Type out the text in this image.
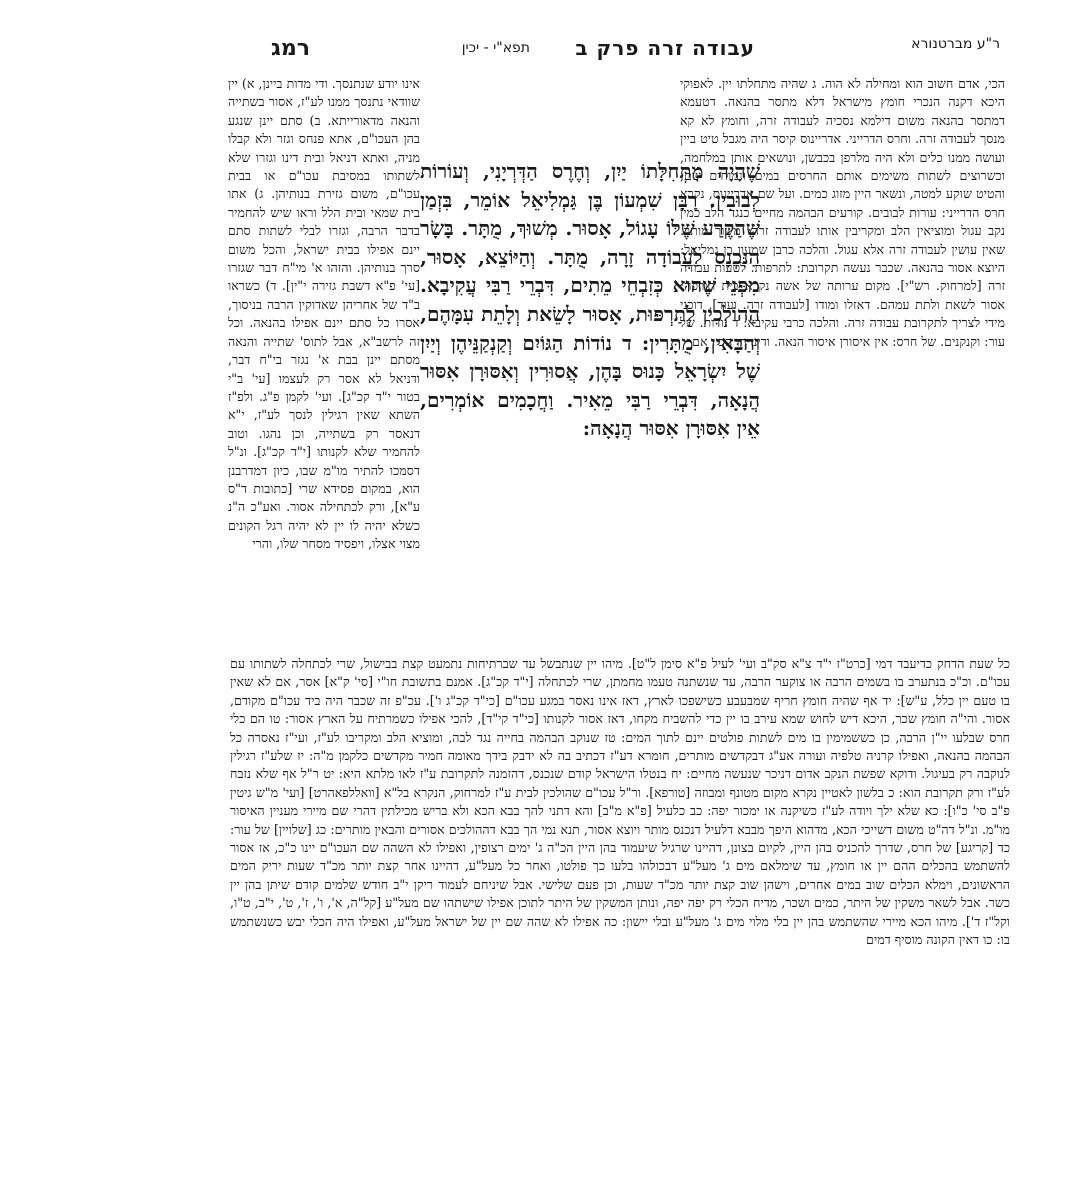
ר"ע מברטנורא
עבודה זרה פרק ב
תפא"י - יכין
רמג
הכי, אדם חשוב הוא ומחילה לא הוה. ג שהיה מתחלתו יין. לאפוקי היכא דקנה הנכרי חומץ מישראל דלא מתסר בהנאה. דטעמא דמתסר בהנאה משום דילמא נסכיה לעבודה זרה, וחומץ לא קא מנסך לעבודה זרה. וחרס הדרייני. אדריינוס קיסר היה מגבל טיט ביין ועושה ממנו כלים ולא היה מלרפן בכבשן, ונושאים אותן במלחמה, וכשרוצים לשתות משימים אותם החרסים במים ונמוחים שם, והטיט שוקע למטה, ונשאר היין מזוג כמים. ועל שם אדריינוס, נקרא חרס הדרייני: עורות לבובים. קורעים הבהמה מחיים כנגד הלב כמין נקב עגול ומוציאין הלב ומקריבין אותו לעבודה זרה: משוך מותר. שאין עושין לעבודה זרה אלא עגול. והלכה כרבן שמעון בן גמליאל: היוצא אסור בהנאה. שכבר נעשה תקרובת: לתרפות. לטעות עבודה זרה [למרחוק. רש"י]. מקום ערותה של אשה נקרא בית תורפה: אסור לשאת ולתת עמהם. דאזלו ומודו [לעבודה זרה. ועוד], דוכני מידי לצריך לתקרובת עבודה זרה. והלכה כרבי עקיבא: ד נודות. של עור: וקנקנים. של חרס: אין איסורן איסור הנאה. ודינייהו הכי, אם
שֶׁהָיָה מִתְּחִלָּתוֹ יַיִן, וְחֶרֶס הַדְּרְיָנִי, וְעוֹרוֹת לְבוּבִין. רַבָּן שִׁמְעוֹן בֶּן גַּמְלִיאֵל אוֹמֵר, בִּזְמַן שֶׁהַקֶּרַע שֶׁלּוֹ עָגוֹל, אָסוּר. מְשׁוּךְ, מֻתָּר. בָּשָׂר הַנִּכְנָס לַעֲבוֹדָה זָרָה, מֻתָּר. וְהַיּוֹצֵא, אָסוּר, מִפְּנֵי שֶׁהוּא כְּזִבְחֵי מֵתִים, דִּבְרֵי רַבִּי עֲקִיבָא. הַהוֹלְכִין לְתַרְפּוּת, אָסוּר לָשֵׂאת וְלָתֵת עִמָּהֶם, וְהַבָּאִין, מֻתָּרִין: ד נוֹדוֹת הַגּוֹיִם וְקַנְקַנֵּיהֶן וְיַיִן שֶׁל יִשְׂרָאֵל כָּנוּס בָּהֶן, אֲסוּרִין וְאִסּוּרָן אִסּוּר הֲנָאָה, דִּבְרֵי רַבִּי מֵאִיר. וַחֲכָמִים אוֹמְרִים, אֵין אִסּוּרָן אִסּוּר הֲנָאָה:
אינו יודע שנתנסך. ודי מדות ביינן, א) יין שוודאי נתנסך ממנו לע"ז, אסור בשתייה והנאה מדאורייתא. ב) סתם יינן שנגע בהן העכו"ם, אתא פנחס וגזר ולא קבלו מניה, ואתא דניאל ובית דינו וגזרו שלא לשתותו במסיבת עכו"ם או בבית עכו"ם, משום גזירת בנותיהן. ג) אתו בית שמאי ובית הלל וראו שיש להחמיר בדבר הרבה, וגזרו לבלי לשתות סתם יינם אפילו בבית ישראל, והכל משום סרך בנותיהן. והזהו א' מי"ח דבר שגזרו [עי' פ"א דשבת גזירה י"ין]. ד) כשראו ב"ד של אחריהן שאדוקין הרבה בניסוך, אסרו כל סתם יינם אפילו בהנאה. וכל זה לרשב"א, אבל לתוס' שתייה והנאה מסתם יינן בבת א' נגזר בי"ח דבר, ודניאל לא אסר רק לעצמו [עי' ב"י בטור י"ד קכ"ג]. ועי' לקמן פ"ג. ולפ"ז השתא שאין רגילין לנסך לע"ז, י"א דנאסר רק בשתייה, וכן נהגו. וטוב להחמיר שלא לקנותו [י"ד קכ"ג]. ונ"ל דסמכו להתיר מו"מ שבו, כיון דמדרבנן הוא, במקום פסידא שרי [כתובות ד"ס ע"א], ורק לכתחילה אסור. ואע"כ ה"נ כשלא יהיה לו יין לא יהיה רגל הקונים מצוי אצלו, ויפסיד מסחר שלו, והרי
כל שעת הדחק כדיעבד דמי [כרט"ז י"ד צ"א סק"ב ועי' לעיל פ"א סימן ל"ט]. מיהו יין שנתבשל עד שברתיחות נתמעט קצת בבישול, שרי לכתחלה לשתותו עם עכו"ם. וכ"כ בנתערב בו בשמים הרבה או צוקער הרבה, עד שנשתנה טעמו מחמתן, שרי לכתחלה [י"ד קכ"ג]. אמנם בתשובת חו"י [סי' ק"א] אסר, אם לא שאין בו טעם יין כלל, ע"ש]: יד אף שהיה חומץ חריף שמבעבע כשישפכו לארץ, דאז אינו נאסר במגע עכו"ם [כי"ד קכ"ג ו']. עכ"פ זה שכבר היה ביד עכו"ם מקודם, אסור. והי"ה חומץ שכר, היכא דיש לחוש שמא עירב בו יין כדי להשביח מקחו, דאז אסור לקנותו [כי"ד קי"ד], להכי אפילו כשמרתיח על הארץ אסור: טו הם כלי חרס שבלעו יי"ן הרבה, כן כששמימין בו מים לשתות פולטים יינם לתוך המים: טז שנוקב הבהמה בחייה נגד לבה, ומוציא הלב ומקריבו לע"ז, ועי"ז נאסרה כל הבהמה בהנאה, ואפילו קרניה טלפיה ועורה אע"ג דבקדשים מותרים, חומרא דע"ז דכתיב בה לא ידבק בידך מאומה חמיר מקדשים כלקמן מ"ה: יז שלע"ז רגילין לנוקבה רק בעיגול. ודוקא שפשת הנקב אדום דניכר שנעשה מחיים: יח בנטלו הישראל קודם שנכנס, דהזמנה לתקרובת ע"ז לאו מלתא היא: יט ר"ל אף שלא נזבח לע"ז ורק תקרובת הוא: כ בלשון לאטיין נקרא מקום מטונף ומבוזה [טורפא]. ור"ל עכו"ם שהולכין לבית ע"ז למרחוק, הנקרא בל"א [וואללפאהרט] [ועי' מ"ש גיטין פ"ב סי' כ"ו]: כא שלא ילך ויודה לע"ז כשיקנה או ימכור יפה: כב כלעיל [פ"א מ"ב] והא דתני להך בבא הכא ולא בריש מכילתין דהרי שם מיירי מעניין האיסור מו"מ. ונ"ל דה"ט משום דשייכי הכא, מדהוא היפך מבבא דלעיל דנכנס מותר ויוצא אסור, תנא נמי הך בבא דההולכים אסורים והבאין מותרים: כג [שלויין] של עור: כד [קריגע] של חרס, שדרך להכניס בהן היין, לקיום בצונן, דהיינו שרגיל שיעמוד בהן היין הכ"ה ג' ימים רצופין, ואפילו לא השהה שם העכו"ם יינו כ"כ, אז אסור להשתמש בהכלים ההם יין או חומץ, עד שימלאם מים ג' מעל"ע דבכולהו בלעו כך פולטו, ואחר כל מעל"ע, דהיינו אחר קצת יותר מכ"ד שעות יריק המים הראשונים, וימלא הכלים שוב במים אחרים, וישהן שוב קצת יותר מכ"ד שעות, וכן פעם שלישי. אבל שיניחם לעמוד ריקן י"ב חודש שלמים קודם שיתן בהן יין כשר. אבל לשאר משקין של היתר, כמים ושכר, מדיח הכלי רק יפה יפה, ונותן המשקין של היתר לתוכן אפילו שישתהו שם מעל"ע [קל"ה, א', ו', ז', ט', י"ב, ט"ו, וקל"ז ד']. מיהו הכא מיירי שהשתמש בהן יין בלי מלוי מים ג' מעל"ע ובלי יישון: כה אפילו לא שהה שם יין של ישראל מעל"ע, ואפילו היה הכלי יבש כשנשתמש בו: כו דאין הקונה מוסיף דמים
